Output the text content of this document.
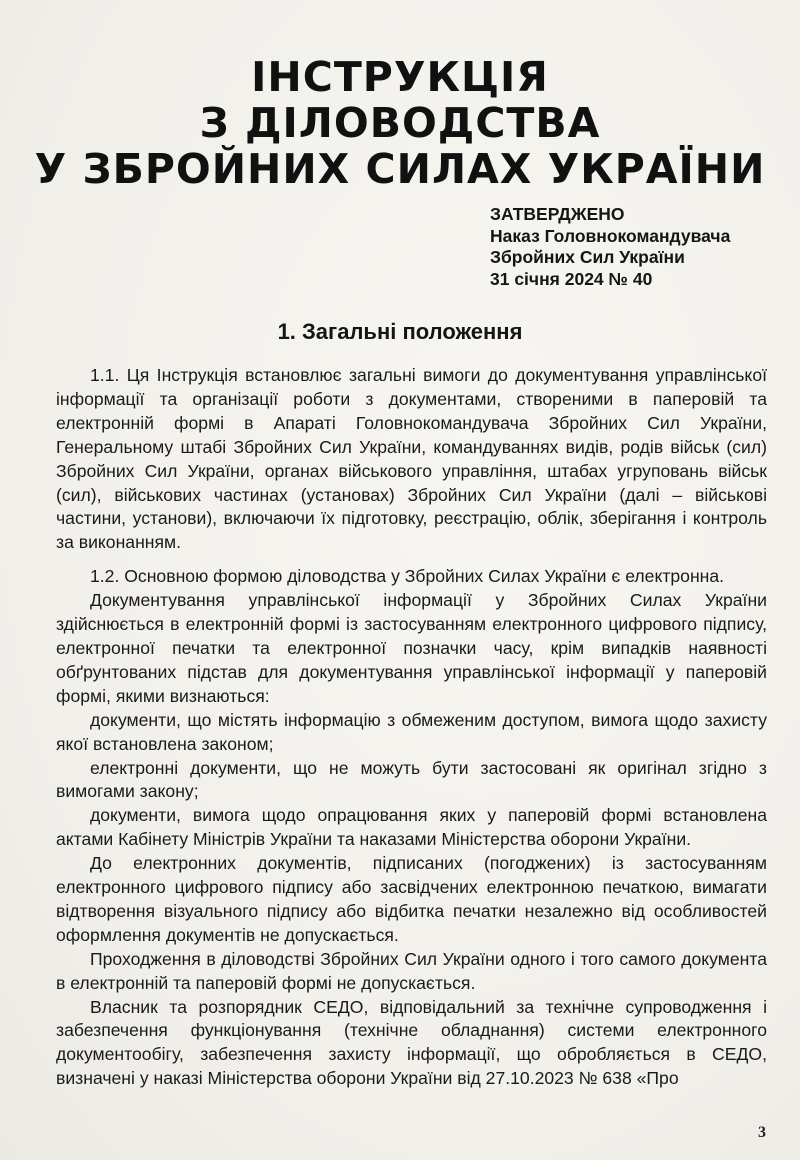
ІНСТРУКЦІЯ
З ДІЛОВОДСТВА
У ЗБРОЙНИХ СИЛАХ УКРАЇНИ
ЗАТВЕРДЖЕНО
Наказ Головнокомандувача
Збройних Сил України
31 січня 2024 № 40
1. Загальні положення

1.1. Ця Інструкція встановлює загальні вимоги до документування управлінської інформації та організації роботи з документами, створеними в паперовій та електронній формі в Апараті Головнокомандувача Збройних Сил України, Генеральному штабі Збройних Сил України, командуваннях видів, родів військ (сил) Збройних Сил України, органах військового управління, штабах угруповань військ (сил), військових частинах (установах) Збройних Сил України (далі – військові частини, установи), включаючи їх підготовку, реєстрацію, облік, зберігання і контроль за виконанням.

1.2. Основною формою діловодства у Збройних Силах України є електронна.

Документування управлінської інформації у Збройних Силах України здійснюється в електронній формі із застосуванням електронного цифрового підпису, електронної печатки та електронної позначки часу, крім випадків наявності обґрунтованих підстав для документування управлінської інформації у паперовій формі, якими визнаються:

документи, що містять інформацію з обмеженим доступом, вимога щодо захисту якої встановлена законом;

електронні документи, що не можуть бути застосовані як оригінал згідно з вимогами закону;

документи, вимога щодо опрацювання яких у паперовій формі встановлена актами Кабінету Міністрів України та наказами Міністерства оборони України.

До електронних документів, підписаних (погоджених) із застосуванням електронного цифрового підпису або засвідчених електронною печаткою, вимагати відтворення візуального підпису або відбитка печатки незалежно від особливостей оформлення документів не допускається.

Проходження в діловодстві Збройних Сил України одного і того самого документа в електронній та паперовій формі не допускається.

Власник та розпорядник СЕДО, відповідальний за технічне супроводження і забезпечення функціонування (технічне обладнання) системи електронного документообігу, забезпечення захисту інформації, що обробляється в СЕДО, визначені у наказі Міністерства оборони України від 27.10.2023 № 638 «Про

3
